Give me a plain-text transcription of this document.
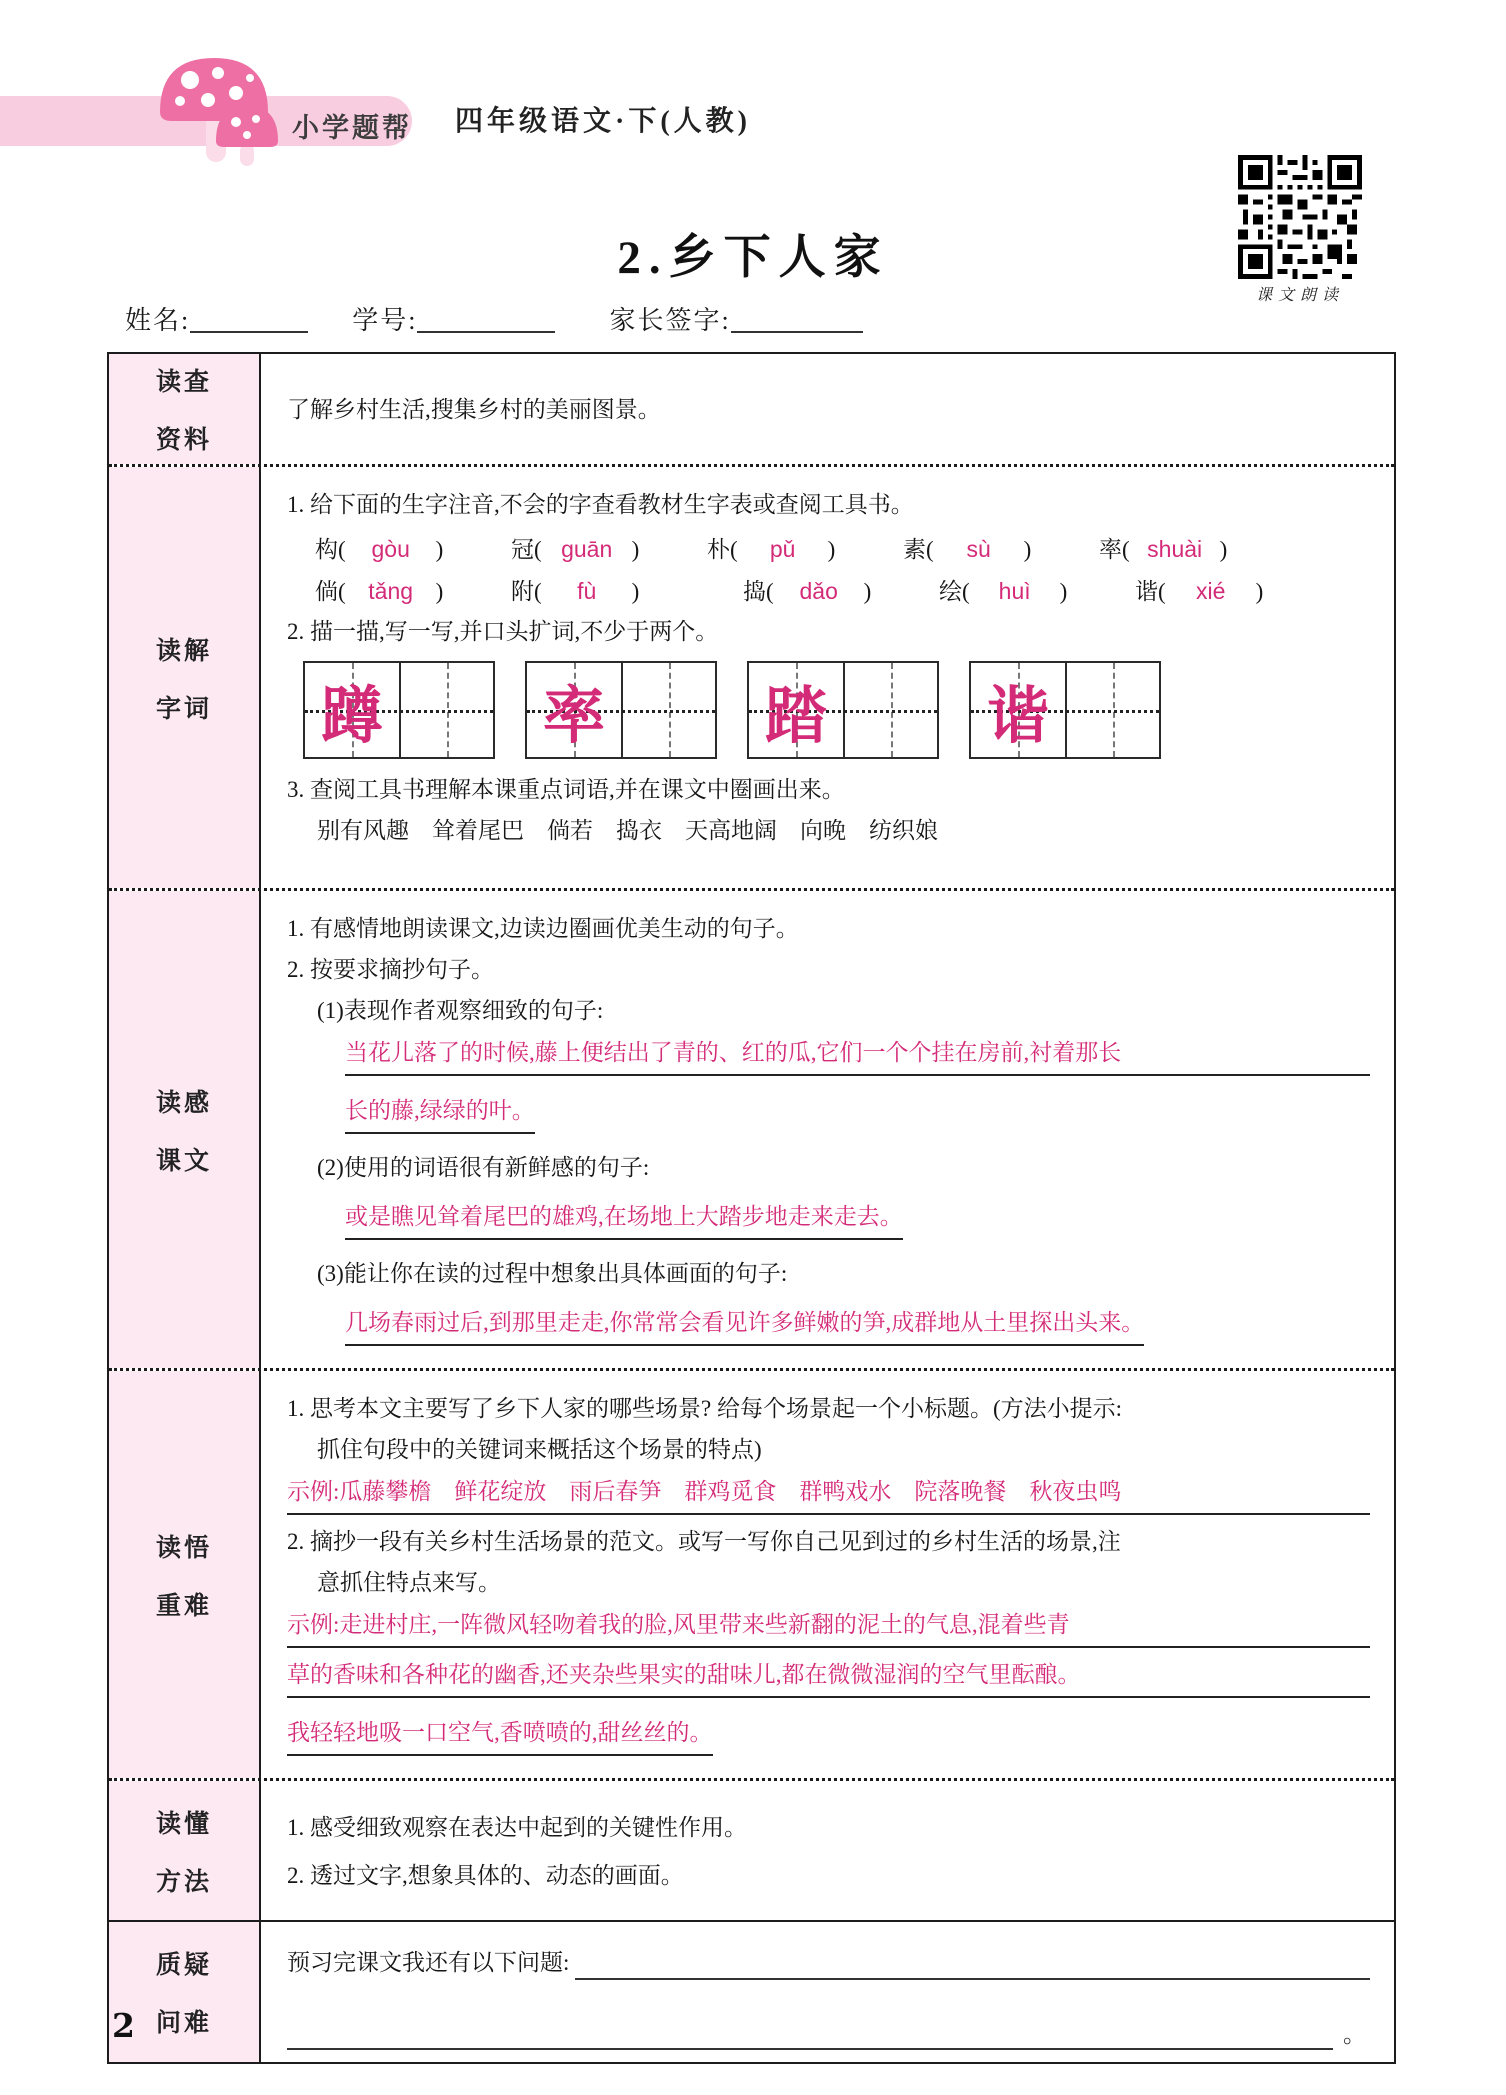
小学题帮 四年级语文·下(人教)
课文朗读
2.乡下人家
姓名:	学号:	家长签字:
读查
资料
了解乡村生活,搜集乡村的美丽图景。
读解
字词
1. 给下面的生字注音,不会的字查看教材生字表或查阅工具书。
构( gòu )	冠( guān )	朴( pǔ )	素( sù )	率( shuài )
倘( tǎng )	附( fù )	捣( dǎo )	绘( huì )	谐( xié )
2. 描一描,写一写,并口头扩词,不少于两个。
蹲	率	踏	谐
3. 查阅工具书理解本课重点词语,并在课文中圈画出来。
别有风趣　耸着尾巴　倘若　捣衣　天高地阔　向晚　纺织娘
读感
课文
1. 有感情地朗读课文,边读边圈画优美生动的句子。
2. 按要求摘抄句子。
(1)表现作者观察细致的句子:
当花儿落了的时候,藤上便结出了青的、红的瓜,它们一个个挂在房前,衬着那长
长的藤,绿绿的叶。
(2)使用的词语很有新鲜感的句子:
或是瞧见耸着尾巴的雄鸡,在场地上大踏步地走来走去。
(3)能让你在读的过程中想象出具体画面的句子:
几场春雨过后,到那里走走,你常常会看见许多鲜嫩的笋,成群地从土里探出头来。
读悟
重难
1. 思考本文主要写了乡下人家的哪些场景? 给每个场景起一个小标题。(方法小提示:
抓住句段中的关键词来概括这个场景的特点)
示例:瓜藤攀檐　鲜花绽放　雨后春笋　群鸡觅食　群鸭戏水　院落晚餐　秋夜虫鸣
2. 摘抄一段有关乡村生活场景的范文。或写一写你自己见到过的乡村生活的场景,注
意抓住特点来写。
示例:走进村庄,一阵微风轻吻着我的脸,风里带来些新翻的泥土的气息,混着些青
草的香味和各种花的幽香,还夹杂些果实的甜味儿,都在微微湿润的空气里酝酿。
我轻轻地吸一口空气,香喷喷的,甜丝丝的。
读懂
方法
1. 感受细致观察在表达中起到的关键性作用。
2. 透过文字,想象具体的、动态的画面。
质疑
问难
预习完课文我还有以下问题:
。
2
